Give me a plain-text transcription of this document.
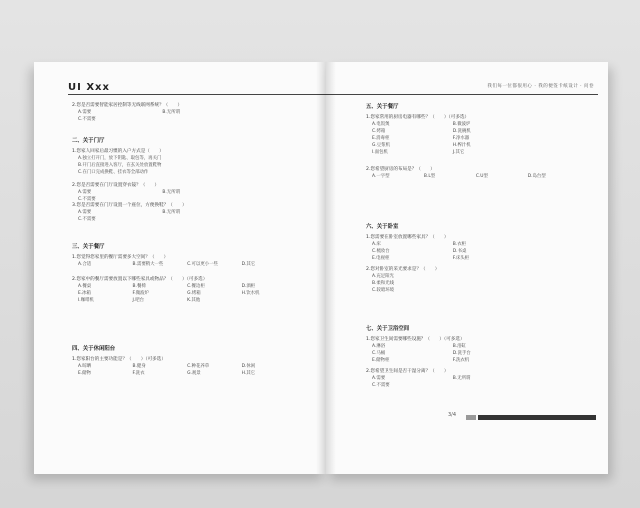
UI Xxx
2.您是否需要智能家居控制等无线联网系统？（　　）
A.需要	B.无所谓
C.不需要
二、关于门厅
1.您家人回家后最习惯的入户方式是（　　）
A.独立打开门，放下钥匙、取包等，再关门
B.开门后直接进入客厅，在玄关处放置鞋物
C.在门口完成换鞋、挂衣等全部动作
2.您是否需要在门厅设置穿衣镜？（　　）
A.需要	B.无所谓
C.不需要
3.您是否需要在门厅设置一个座位，方便换鞋？（　　）
A.需要	B.无所谓
C.不需要
三、关于餐厅
1.您觉得您家里的餐厅需要多大空间？（　　）
A.合适	B.需要稍大一些	C.可以更小一些	D.其它
2.您家中的餐厅需要放置以下哪些家具或物品？（　　）（可多选）
A.餐桌	B.餐椅	C.餐边柜	D.酒柜
E.冰箱	F.微波炉	G.烤箱	H.饮水机
I.咖啡机	J.吧台	K.其他
四、关于休闲阳台
1.您家阳台的主要功能是？（　　）（可多选）
A.晾晒	B.健身	C.种花养草	D.休闲
E.储物	F.洗衣	G.观景	H.其它
我们每一位都很用心 · 我的便签卡纸设计 · 问卷
五、关于餐厅
1.您家常用的厨房电器有哪些？（　　）（可多选）
A.电饭煲	B.微波炉
C.烤箱	D.洗碗机
E.消毒柜	F.净水器
G.豆浆机	H.榨汁机
I.面包机	J.其它
2.您希望厨房的布局是？（　　）
A.一字型	B.L型	C.U型	D.岛台型
六、关于卧室
1.您需要在卧室放置哪些家具？（　　）
A.床	B.衣柜
C.梳妆台	D.书桌
E.电视柜	F.床头柜
2.您对卧室的采光要求是？（　　）
A.充足阳光
B.柔和光线
C.较暗环境
七、关于卫浴空间
1.您家卫生间需要哪些设施？（　　）（可多选）
A.淋浴	B.浴缸
C.马桶	D.洗手台
E.储物柜	F.洗衣机
2.您希望卫生间是否干湿分离？（　　）
A.需要	B.无所谓
C.不需要
3/4
